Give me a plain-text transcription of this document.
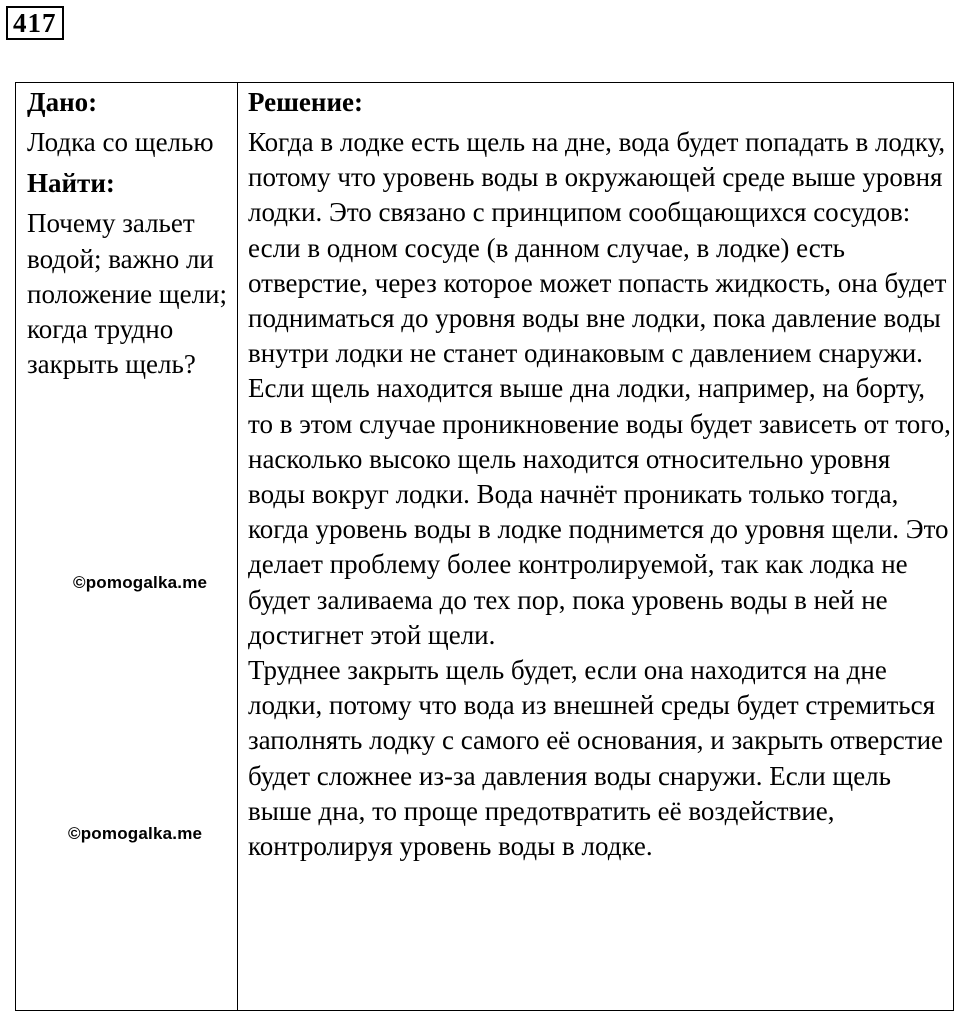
417
Дано:
Лодка со щелью
Найти:
Почему зальет водой; важно ли положение щели; когда трудно закрыть щель?
Решение:

Когда в лодке есть щель на дне, вода будет попадать в лодку, потому что уровень воды в окружающей среде выше уровня лодки. Это связано с принципом сообщающихся сосудов: если в одном сосуде (в данном случае, в лодке) есть отверстие, через которое может попасть жидкость, она будет подниматься до уровня воды вне лодки, пока давление воды внутри лодки не станет одинаковым с давлением снаружи.

Если щель находится выше дна лодки, например, на борту, то в этом случае проникновение воды будет зависеть от того, насколько высоко щель находится относительно уровня воды вокруг лодки. Вода начнёт проникать только тогда, когда уровень воды в лодке поднимется до уровня щели. Это делает проблему более контролируемой, так как лодка не будет заливаема до тех пор, пока уровень воды в ней не достигнет этой щели.

Труднее закрыть щель будет, если она находится на дне лодки, потому что вода из внешней среды будет стремиться заполнять лодку с самого её основания, и закрыть отверстие будет сложнее из-за давления воды снаружи. Если щель выше дна, то проще предотвратить её воздействие, контролируя уровень воды в лодке.

©pomogalka.me
©pomogalka.me
